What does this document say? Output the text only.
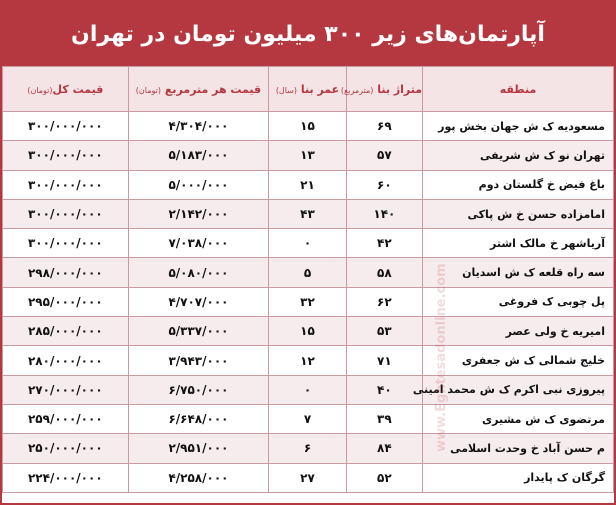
آپارتمان‌های زیر ۳۰۰ میلیون تومان در تهران
منطقه	متراژ بنا (مترمربع)	عمر بنا (سال)	قیمت هر مترمربع (تومان)	قیمت کل(تومان)
مسعودیه ک ش جهان بخش پور	۶۹	۱۵	۴/۳۰۴/۰۰۰	۳۰۰/۰۰۰/۰۰۰
تهران نو ک ش شریفی	۵۷	۱۳	۵/۱۸۳/۰۰۰	۳۰۰/۰۰۰/۰۰۰
باغ فیض خ گلستان دوم	۶۰	۲۱	۵/۰۰۰/۰۰۰	۳۰۰/۰۰۰/۰۰۰
امامزاده حسن خ ش پاکی	۱۴۰	۴۳	۲/۱۴۲/۰۰۰	۳۰۰/۰۰۰/۰۰۰
آریاشهر خ مالک اشتر	۴۲	۰	۷/۰۳۸/۰۰۰	۳۰۰/۰۰۰/۰۰۰
سه راه قلعه ک ش اسدیان	۵۸	۵	۵/۰۸۰/۰۰۰	۲۹۸/۰۰۰/۰۰۰
پل چوبی ک فروغی	۶۲	۳۲	۴/۷۰۷/۰۰۰	۲۹۵/۰۰۰/۰۰۰
امیریه خ ولی عصر	۵۳	۱۵	۵/۳۳۷/۰۰۰	۲۸۵/۰۰۰/۰۰۰
خلیج شمالی ک ش جعفری	۷۱	۱۲	۳/۹۴۳/۰۰۰	۲۸۰/۰۰۰/۰۰۰
پیروزی نبی اکرم ک ش محمد امینی	۴۰	۰	۶/۷۵۰/۰۰۰	۲۷۰/۰۰۰/۰۰۰
مرتضوی ک ش مشیری	۳۹	۷	۶/۶۴۸/۰۰۰	۲۵۹/۰۰۰/۰۰۰
م حسن آباد خ وحدت اسلامی	۸۴	۶	۲/۹۵۱/۰۰۰	۲۵۰/۰۰۰/۰۰۰
گرگان ک پایدار	۵۲	۲۷	۴/۲۵۸/۰۰۰	۲۲۴/۰۰۰/۰۰۰
www.Eghtesadonline.com
